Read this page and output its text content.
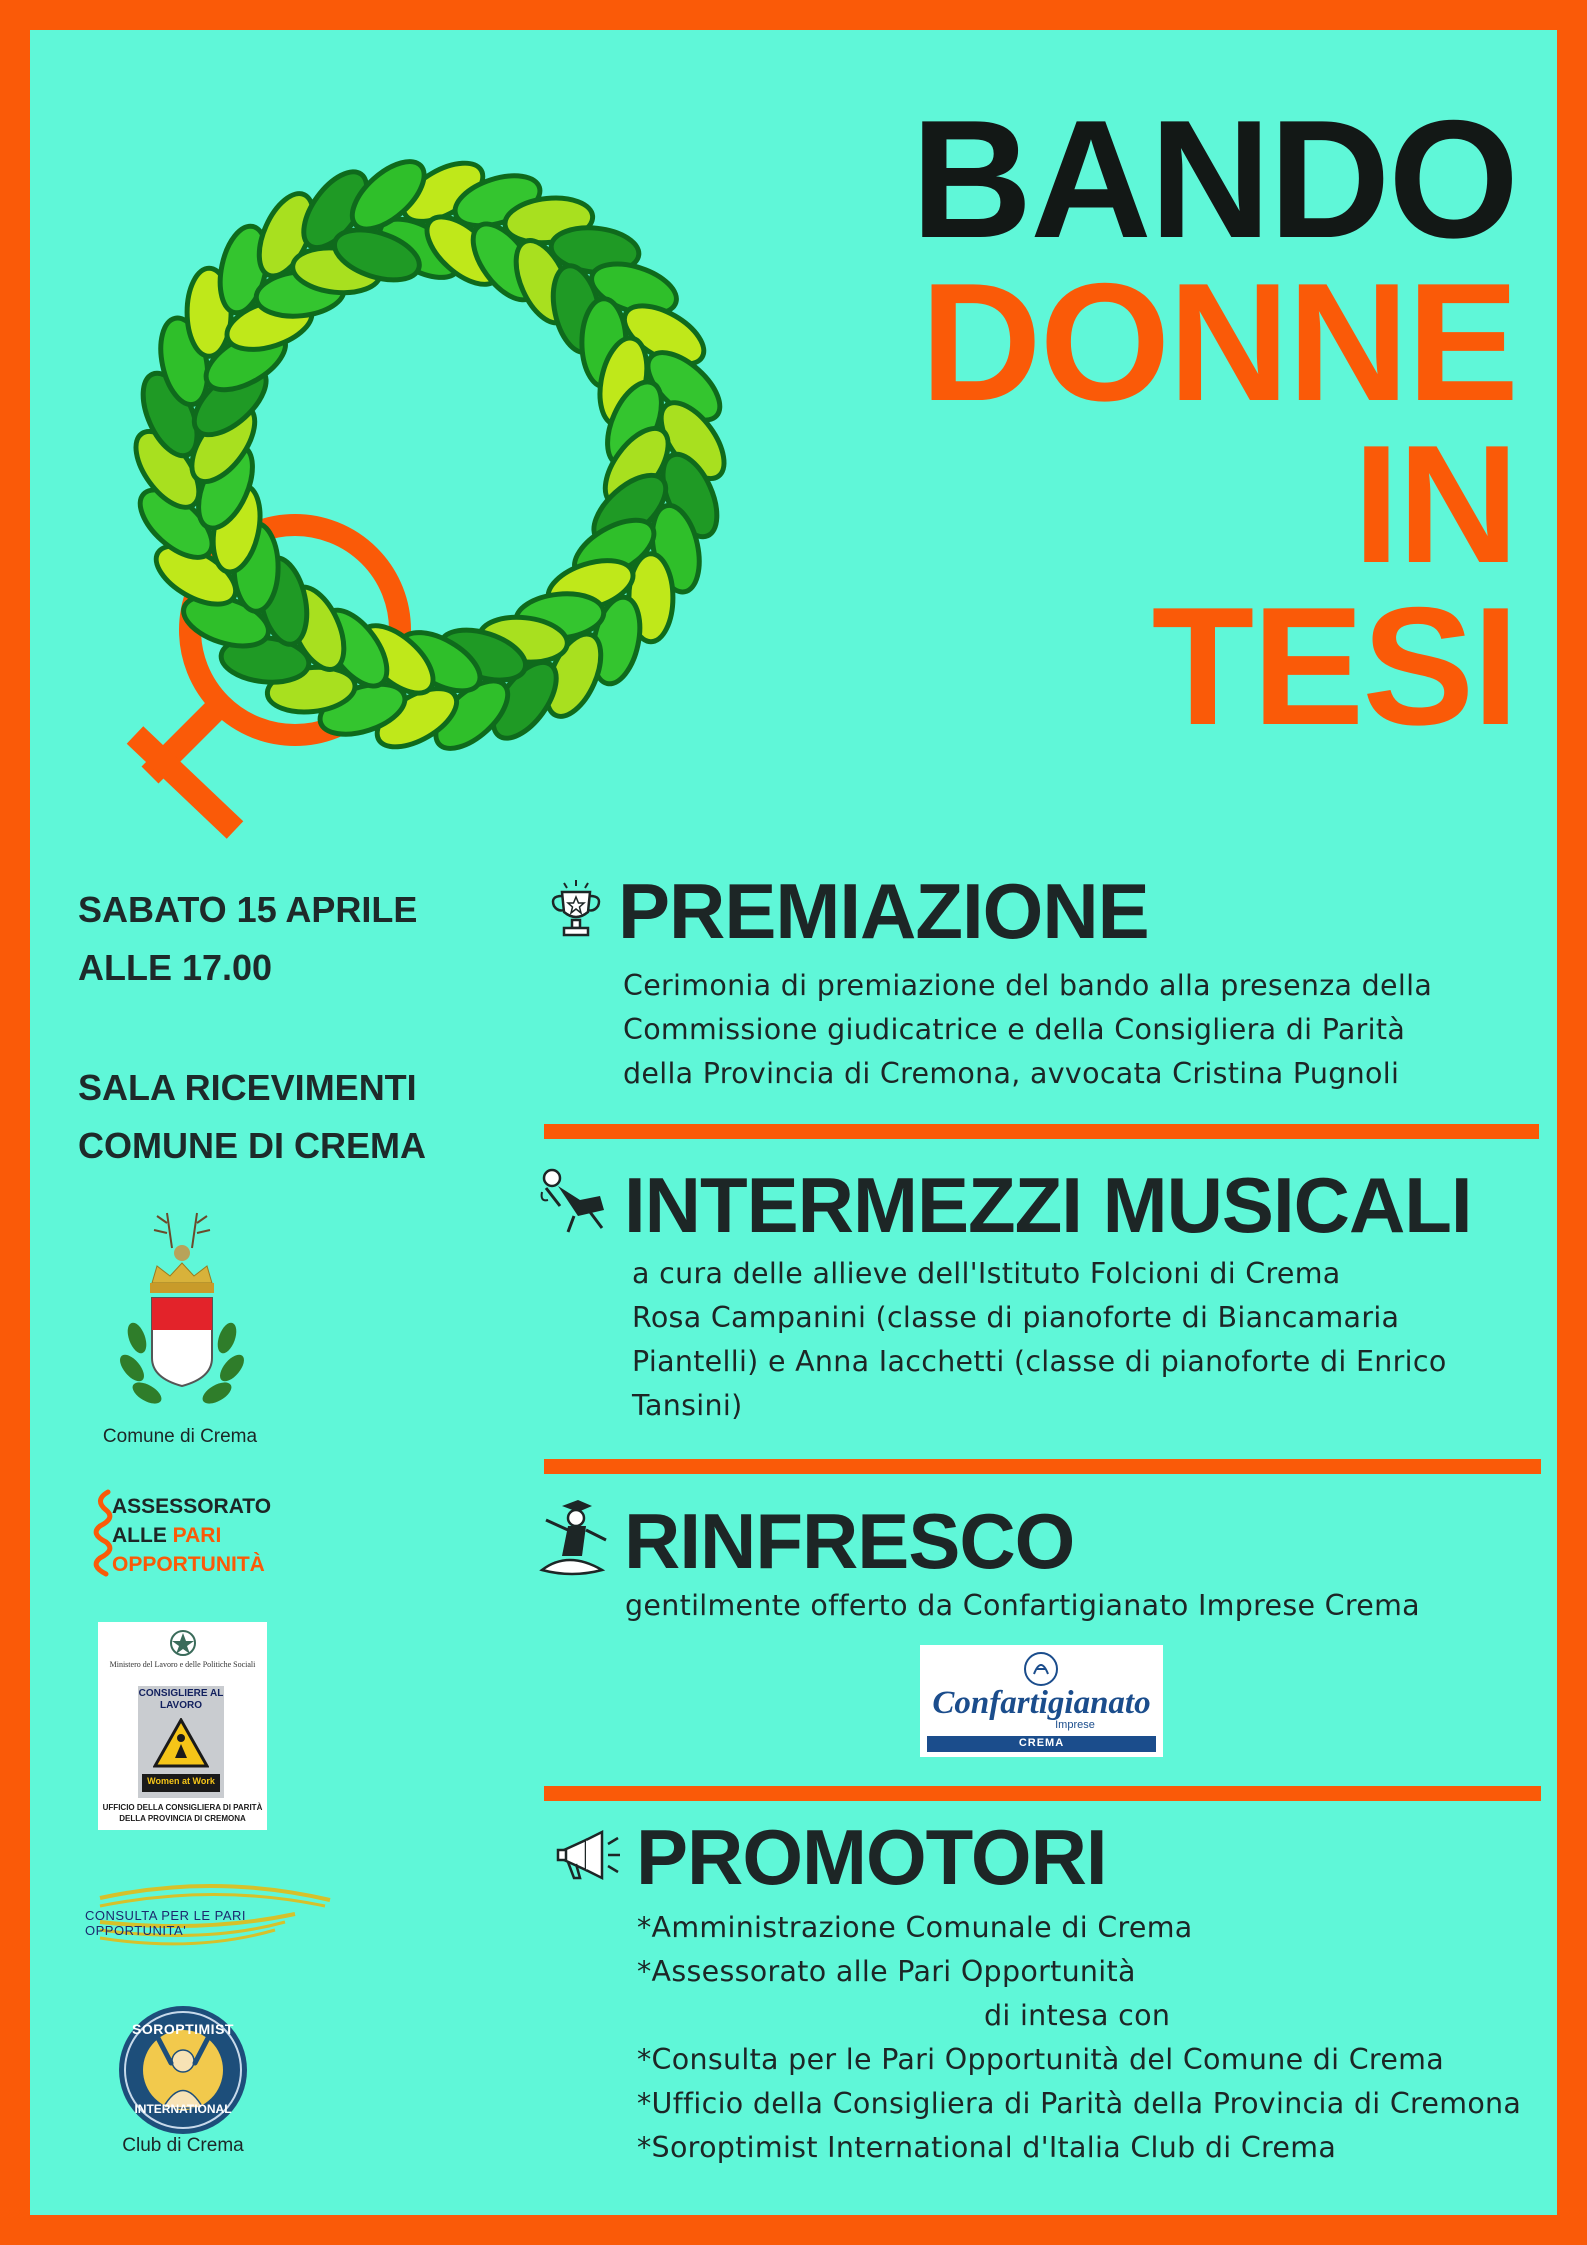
BANDO
DONNE
IN
TESI
SABATO 15 APRILE
ALLE 17.00
SALA RICEVIMENTI
COMUNE DI CREMA
Comune di Crema
ASSESSORATO
ALLE PARI
OPPORTUNITÀ
Ministero del Lavoro e delle Politiche Sociali
CONSIGLIERE AL LAVORO
Women at Work
UFFICIO DELLA CONSIGLIERA DI PARITÀ DELLA PROVINCIA DI CREMONA
CONSULTA PER LE PARI OPPORTUNITA'
SOROPTIMIST
INTERNATIONAL
Club di Crema
PREMIAZIONE
Cerimonia di premiazione del bando alla presenza della
Commissione giudicatrice e della Consigliera di Parità
della Provincia di Cremona, avvocata Cristina Pugnoli
INTERMEZZI MUSICALI
a cura delle allieve dell'Istituto Folcioni di Crema
Rosa Campanini (classe di pianoforte di Biancamaria
Piantelli) e Anna Iacchetti (classe di pianoforte di Enrico
Tansini)
RINFRESCO
gentilmente offerto da Confartigianato Imprese Crema
Confartigianato
Imprese
CREMA
PROMOTORI
*Amministrazione Comunale di Crema
*Assessorato alle Pari Opportunità
di intesa con
*Consulta per le Pari Opportunità del Comune di Crema
*Ufficio della Consigliera di Parità della Provincia di Cremona
*Soroptimist International d'Italia Club di Crema
